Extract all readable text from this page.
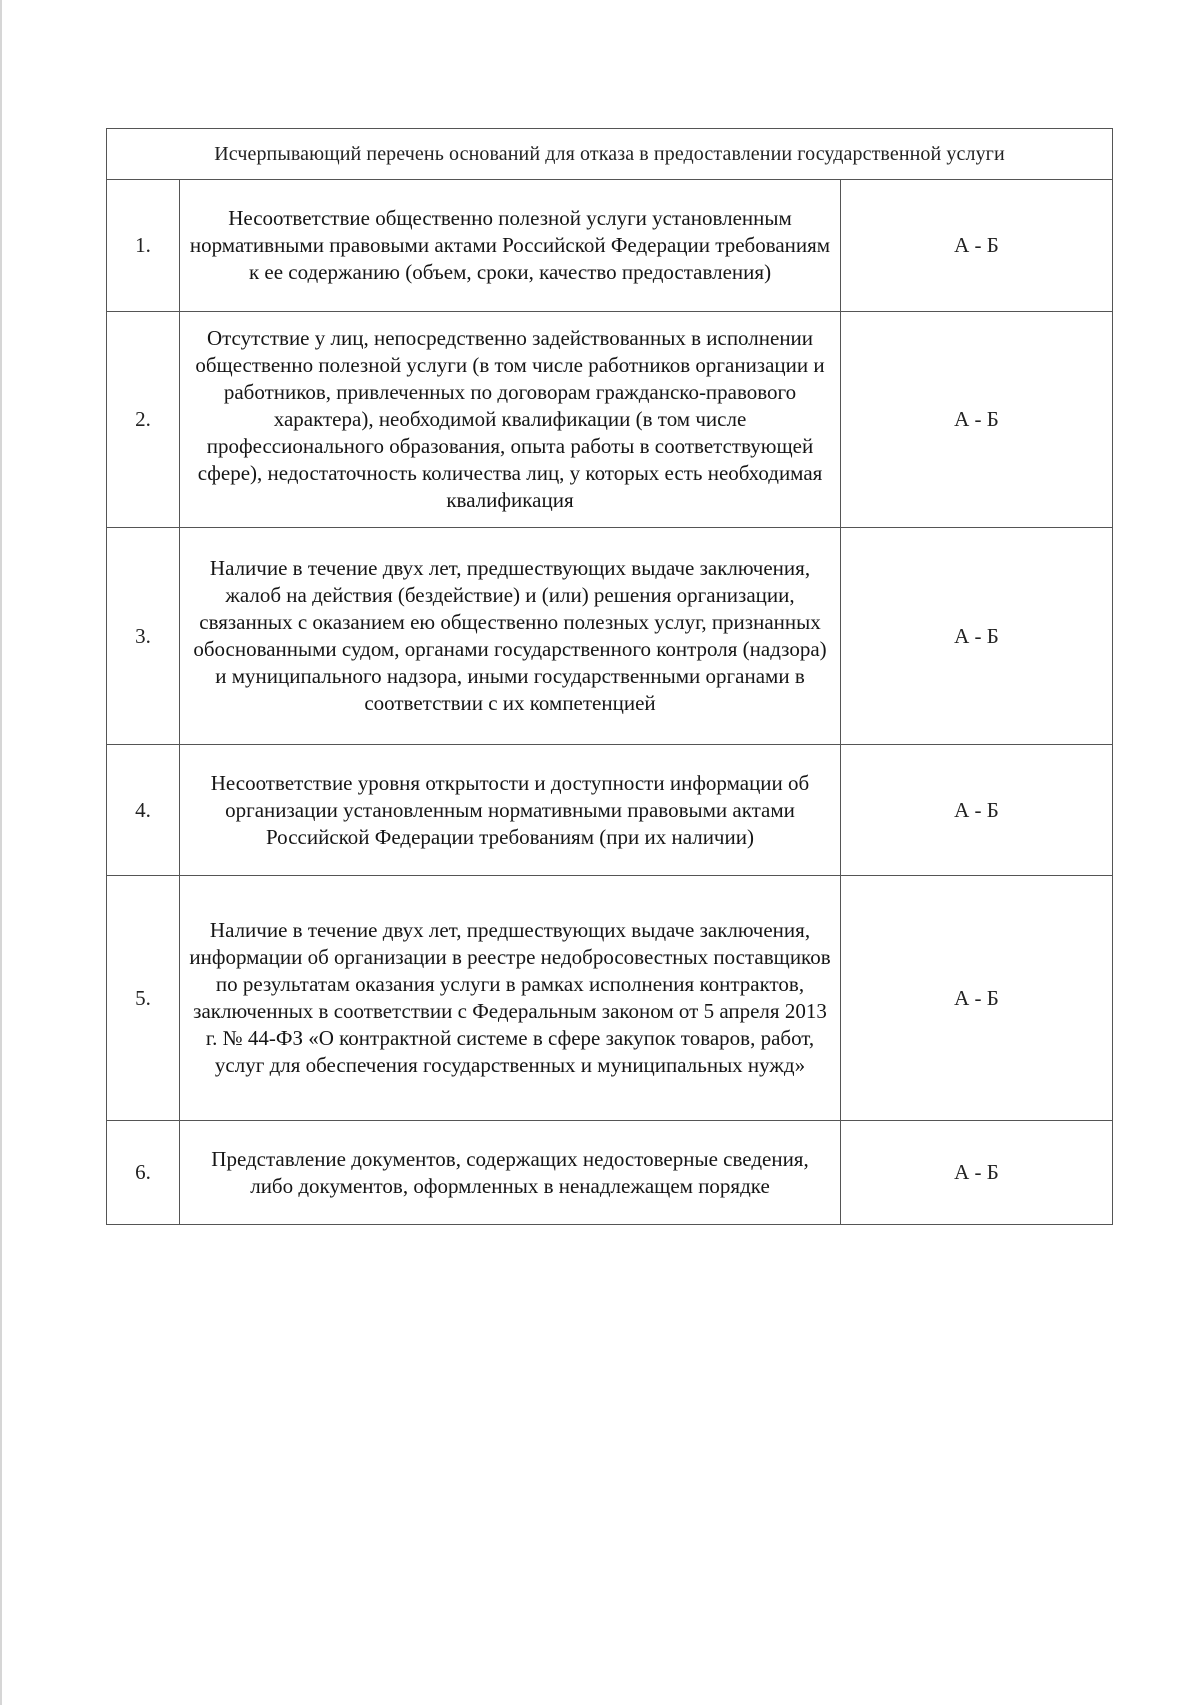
Исчерпывающий перечень оснований для отказа в предоставлении государственной услуги		
1.	Несоответствие общественно полезной услуги установленным нормативными правовыми актами Российской Федерации требованиям к ее содержанию (объем, сроки, качество предоставления)	А - Б
2.	Отсутствие у лиц, непосредственно задействованных в исполнении общественно полезной услуги (в том числе работников организации и работников, привлеченных по договорам гражданско-правового характера), необходимой квалификации (в том числе профессионального образования, опыта работы в соответствующей сфере), недостаточность количества лиц, у которых есть необходимая квалификация	А - Б
3.	Наличие в течение двух лет, предшествующих выдаче заключения, жалоб на действия (бездействие) и (или) решения организации, связанных с оказанием ею общественно полезных услуг, признанных обоснованными судом, органами государственного контроля (надзора) и муниципального надзора, иными государственными органами в соответствии с их компетенцией	А - Б
4.	Несоответствие уровня открытости и доступности информации об организации установленным нормативными правовыми актами Российской Федерации требованиям (при их наличии)	А - Б
5.	Наличие в течение двух лет, предшествующих выдаче заключения, информации об организации в реестре недобросовестных поставщиков по результатам оказания услуги в рамках исполнения контрактов, заключенных в соответствии с Федеральным законом от 5 апреля 2013 г. № 44-ФЗ «О контрактной системе в сфере закупок товаров, работ, услуг для обеспечения государственных и муниципальных нужд»	А - Б
6.	Представление документов, содержащих недостоверные сведения, либо документов, оформленных в ненадлежащем порядке	А - Б
